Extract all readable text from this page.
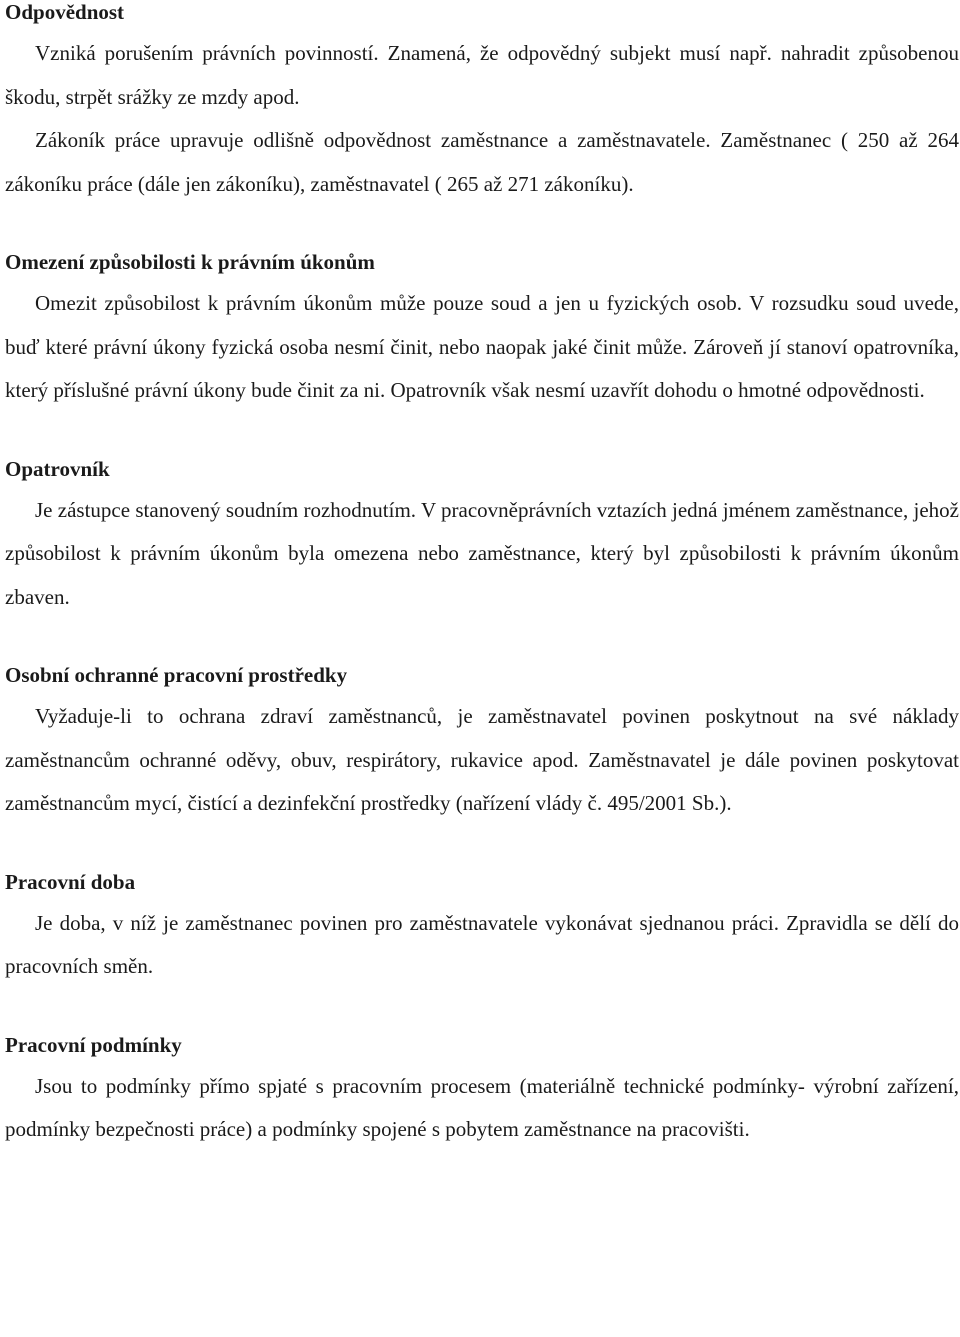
Odpovědnost

Vzniká porušením právních povinností. Znamená, že odpovědný subjekt musí např. nahradit způsobenou škodu, strpět srážky ze mzdy apod.

Zákoník práce upravuje odlišně odpovědnost zaměstnance a zaměstnavatele. Zaměstnanec ( 250 až 264 zákoníku práce (dále jen zákoníku), zaměstnavatel ( 265 až 271 zákoníku).

Omezení způsobilosti k právním úkonům

Omezit způsobilost k právním úkonům může pouze soud a jen u fyzických osob. V rozsudku soud uvede, buď které právní úkony fyzická osoba nesmí činit, nebo naopak jaké činit může. Zároveň jí stanoví opatrovníka, který příslušné právní úkony bude činit za ni. Opatrovník však nesmí uzavřít dohodu o hmotné odpovědnosti.

Opatrovník

Je zástupce stanovený soudním rozhodnutím. V pracovněprávních vztazích jedná jménem zaměstnance, jehož způsobilost k právním úkonům byla omezena nebo zaměstnance, který byl způsobilosti k právním úkonům zbaven.

Osobní ochranné pracovní prostředky

Vyžaduje-li to ochrana zdraví zaměstnanců, je zaměstnavatel povinen poskytnout na své náklady zaměstnancům ochranné oděvy, obuv, respirátory, rukavice apod. Zaměstnavatel je dále povinen poskytovat zaměstnancům mycí, čistící a dezinfekční prostředky (nařízení vlády č. 495/2001 Sb.).

Pracovní doba

Je doba, v níž je zaměstnanec povinen pro zaměstnavatele vykonávat sjednanou práci. Zpravidla se dělí do pracovních směn.

Pracovní podmínky

Jsou to podmínky přímo spjaté s pracovním procesem (materiálně technické podmínky- výrobní zařízení, podmínky bezpečnosti práce) a podmínky spojené s pobytem zaměstnance na pracovišti.
